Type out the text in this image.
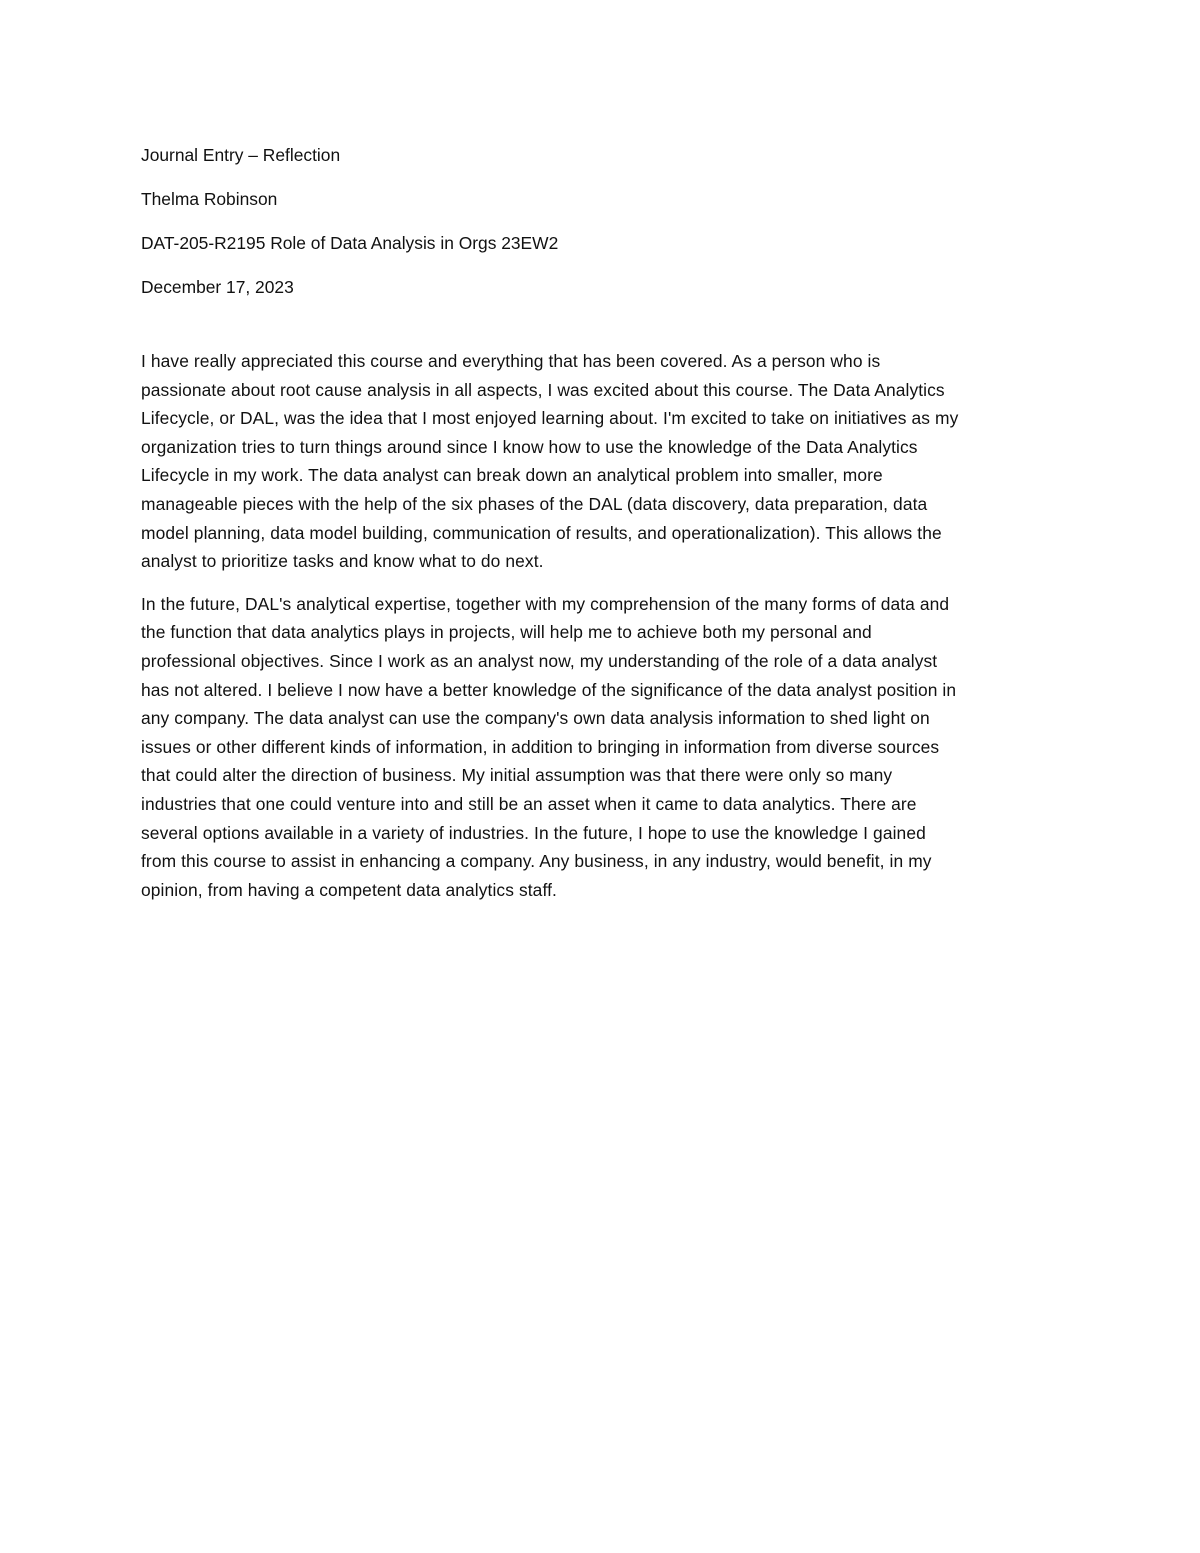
Journal Entry – Reflection

Thelma Robinson

DAT-205-R2195 Role of Data Analysis in Orgs 23EW2

December 17, 2023

I have really appreciated this course and everything that has been covered. As a person who is
passionate about root cause analysis in all aspects, I was excited about this course. The Data Analytics
Lifecycle, or DAL, was the idea that I most enjoyed learning about. I'm excited to take on initiatives as my
organization tries to turn things around since I know how to use the knowledge of the Data Analytics
Lifecycle in my work. The data analyst can break down an analytical problem into smaller, more
manageable pieces with the help of the six phases of the DAL (data discovery, data preparation, data
model planning, data model building, communication of results, and operationalization). This allows the
analyst to prioritize tasks and know what to do next.
In the future, DAL's analytical expertise, together with my comprehension of the many forms of data and
the function that data analytics plays in projects, will help me to achieve both my personal and
professional objectives. Since I work as an analyst now, my understanding of the role of a data analyst
has not altered. I believe I now have a better knowledge of the significance of the data analyst position in
any company. The data analyst can use the company's own data analysis information to shed light on
issues or other different kinds of information, in addition to bringing in information from diverse sources
that could alter the direction of business. My initial assumption was that there were only so many
industries that one could venture into and still be an asset when it came to data analytics. There are
several options available in a variety of industries. In the future, I hope to use the knowledge I gained
from this course to assist in enhancing a company. Any business, in any industry, would benefit, in my
opinion, from having a competent data analytics staff.
